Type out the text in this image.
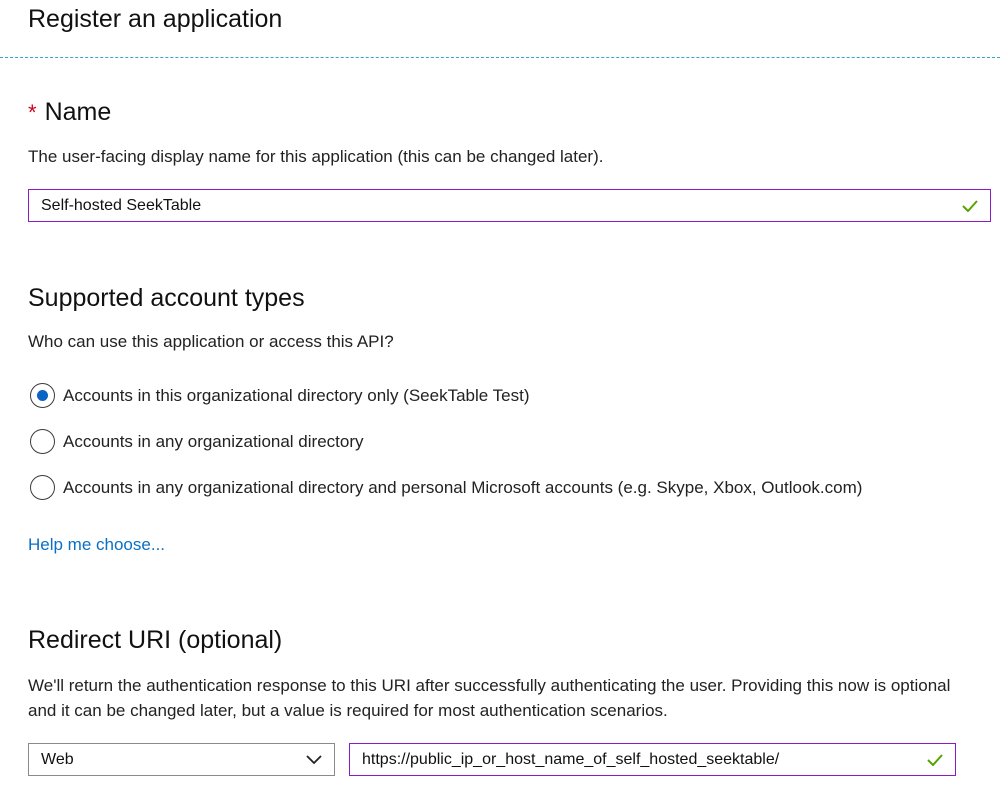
Register an application
* Name
The user-facing display name for this application (this can be changed later).
Self-hosted SeekTable
Supported account types
Who can use this application or access this API?
Accounts in this organizational directory only (SeekTable Test)
Accounts in any organizational directory
Accounts in any organizational directory and personal Microsoft accounts (e.g. Skype, Xbox, Outlook.com)
Help me choose...
Redirect URI (optional)
We'll return the authentication response to this URI after successfully authenticating the user. Providing this now is optional and it can be changed later, but a value is required for most authentication scenarios.
Web	https://public_ip_or_host_name_of_self_hosted_seektable/
